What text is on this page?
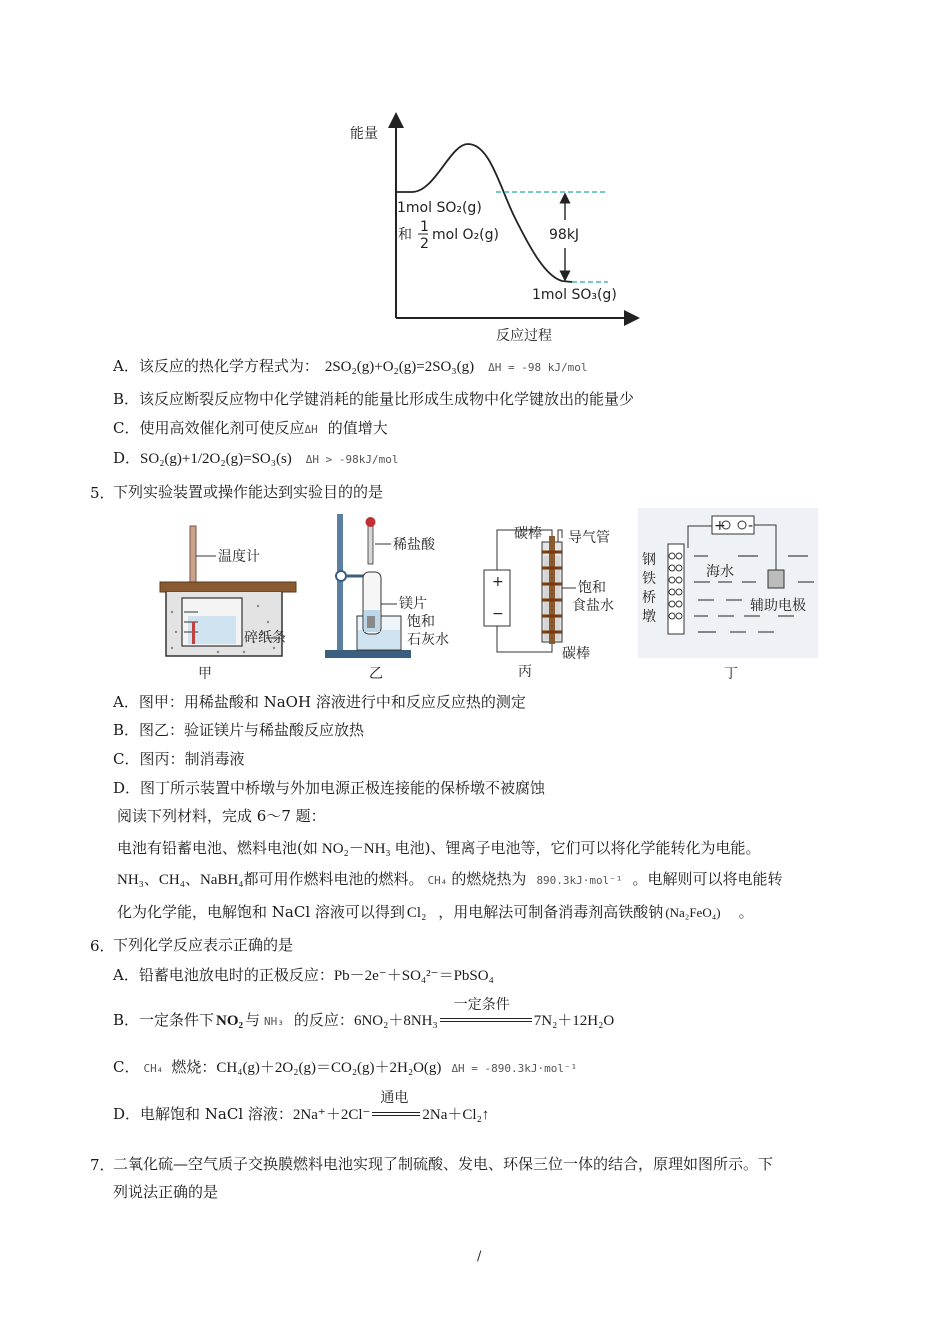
能量
反应过程
98kJ
1mol SO₂(g)
和 1
2
mol O₂(g)
1mol SO₃(g)
A．该反应的热化学方程式为： 2SO₂(g)+O₂(g)=2SO₃(g) ΔH = -98 kJ/mol
B．该反应断裂反应物中化学键消耗的能量比形成生成物中化学键放出的能量少
C．使用高效催化剂可使反应ΔH 的值增大
D．SO₂(g)+1/2O₂(g)=SO₃(s) ΔH > -98kJ/mol
5．
下列实验装置或操作能达到实验目的的是
温度计
碎纸条
甲
稀盐酸
镁片
饱和
石灰水
乙
+
−
碳棒 导气管
饱和
食盐水
碳棒
丙
+ -
钢
铁
桥
墩
海水
辅助电极
丁
A．图甲：用稀盐酸和 NaOH 溶液进行中和反应反应热的测定
B．图乙：验证镁片与稀盐酸反应放热
C．图丙：制消毒液
D．图丁所示装置中桥墩与外加电源正极连接能的保桥墩不被腐蚀
阅读下列材料，完成 6～7 题：
电池有铅蓄电池、燃料电池(如 NO₂－NH₃ 电池)、锂离子电池等，它们可以将化学能转化为电能。
NH₃、CH₄、NaBH₄都可用作燃料电池的燃料。 CH₄ 的燃烧热为 890.3kJ·mol⁻¹ 。电解则可以将电能转
化为化学能，电解饱和 NaCl 溶液可以得到 Cl₂ ，用电解法可制备消毒剂高铁酸钠 (Na₂FeO₄) 。
6．
下列化学反应表示正确的是
A．铅蓄电池放电时的正极反应：Pb－2e⁻＋SO₄²⁻＝PbSO₄
B．一定条件下 NO₂ 与 NH₃ 的反应：6NO₂＋8NH₃
一定条件
7N₂＋12H₂O
C． CH₄ 燃烧：CH₄(g)＋2O₂(g)＝CO₂(g)＋2H₂O(g) ΔH = -890.3kJ·mol⁻¹
D．电解饱和 NaCl 溶液：2Na⁺＋2Cl⁻
通电
2Na＋Cl₂↑
7．
二氧化硫—空气质子交换膜燃料电池实现了制硫酸、发电、环保三位一体的结合，原理如图所示。下
列说法正确的是
/
